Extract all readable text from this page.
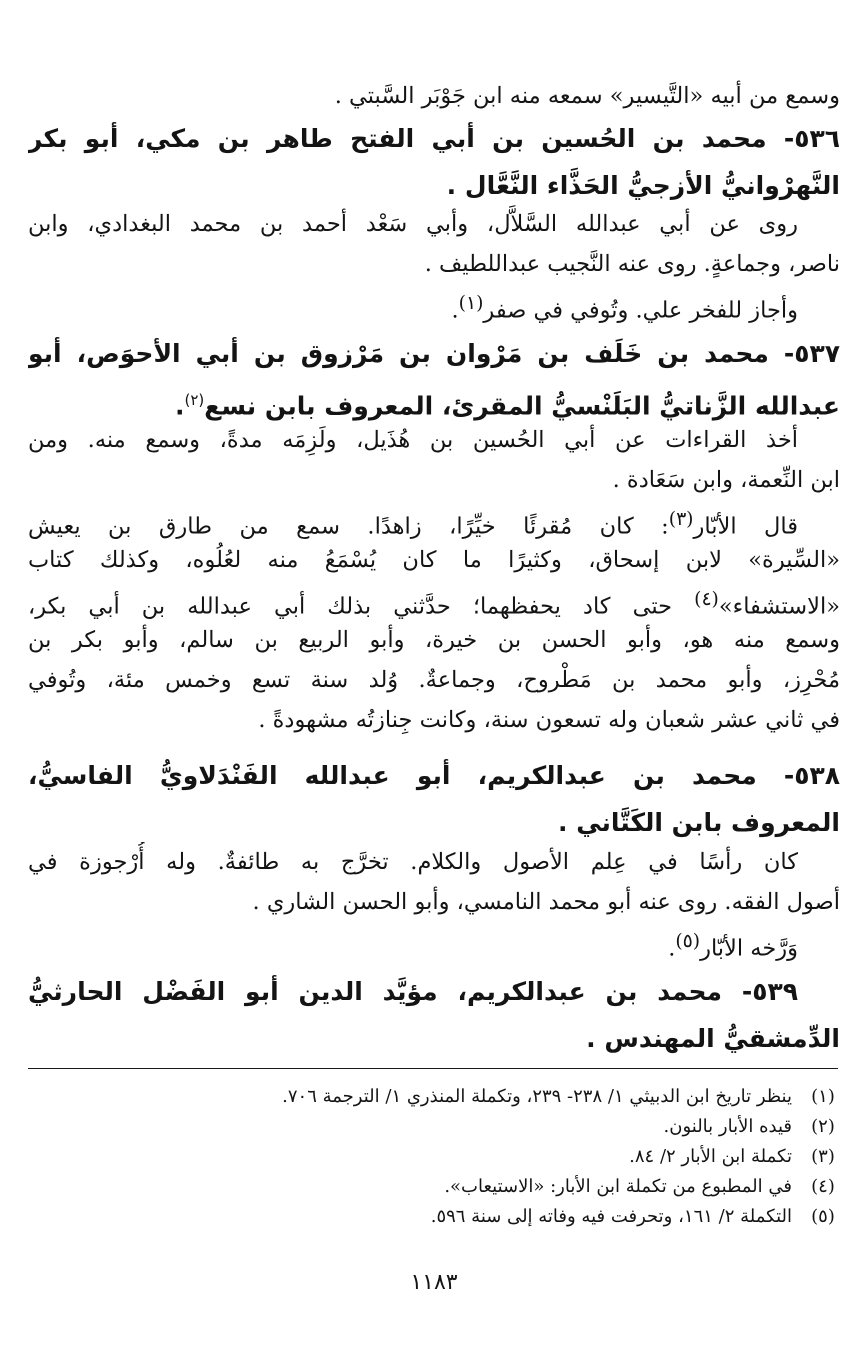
وسمع من أبيه «التَّيسير» سمعه منه ابن جَوْبَر السَّبتي .

٥٣٦- محمد بن الحُسين بن أبي الفتح طاهر بن مكي، أبو بكر

النَّهرْوانيُّ الأزجيُّ الحَذَّاء النَّعَّال .

روى عن أبي عبدالله السَّلاَّل، وأبي سَعْد أحمد بن محمد البغدادي، وابن

ناصر، وجماعةٍ. روى عنه النَّجيب عبداللطيف .

وأجاز للفخر علي. وتُوفي في صفر$^{(١)}$.

٥٣٧- محمد بن خَلَف بن مَرْوان بن مَرْزوق بن أبي الأحوَص، أبو

عبدالله الزَّناتيُّ البَلَنْسيُّ المقرئ، المعروف بابن نسع$^{(٢)}$.

أخذ القراءات عن أبي الحُسين بن هُذَيل، ولَزِمَه مدةً، وسمع منه. ومن

ابن النِّعمة، وابن سَعَادة .

قال الأبّار$^{(٣)}$: كان مُقرئًا خيِّرًا، زاهدًا. سمع من طارق بن يعيش

«السِّيرة» لابن إسحاق، وكثيرًا ما كان يُسْمَعُ منه لعُلُوه، وكذلك كتاب

«الاستشفاء»$^{(٤)}$ حتى كاد يحفظهما؛ حدَّثني بذلك أبي عبدالله بن أبي بكر،

وسمع منه هو، وأبو الحسن بن خيرة، وأبو الربيع بن سالم، وأبو بكر بن

مُحْرِز، وأبو محمد بن مَطْروح، وجماعةٌ. وُلد سنة تسع وخمس مئة، وتُوفي

في ثاني عشر شعبان وله تسعون سنة، وكانت جِنازتُه مشهودةً .

٥٣٨- محمد بن عبدالكريم، أبو عبدالله الفَنْدَلاويُّ الفاسيُّ،

المعروف بابن الكَتَّاني .

كان رأسًا في عِلم الأصول والكلام. تخرَّج به طائفةٌ. وله أُرْجوزة في

أصول الفقه. روى عنه أبو محمد النامسي، وأبو الحسن الشاري .

وَرَّخه الأبّار$^{(٥)}$.

٥٣٩- محمد بن عبدالكريم، مؤيَّد الدين أبو الفَضْل الحارثيُّ

الدِّمشقيُّ المهندس .

(١)
ينظر تاريخ ابن الدبيثي ١/ ٢٣٨- ٢٣٩، وتكملة المنذري ١/ الترجمة ٧٠٦.
(٢)
قيده الأبار بالنون.
(٣)
تكملة ابن الأبار ٢/ ٨٤.
(٤)
في المطبوع من تكملة ابن الأبار: «الاستيعاب».
(٥)
التكملة ٢/ ١٦١، وتحرفت فيه وفاته إلى سنة ٥٩٦.
١١٨٣
